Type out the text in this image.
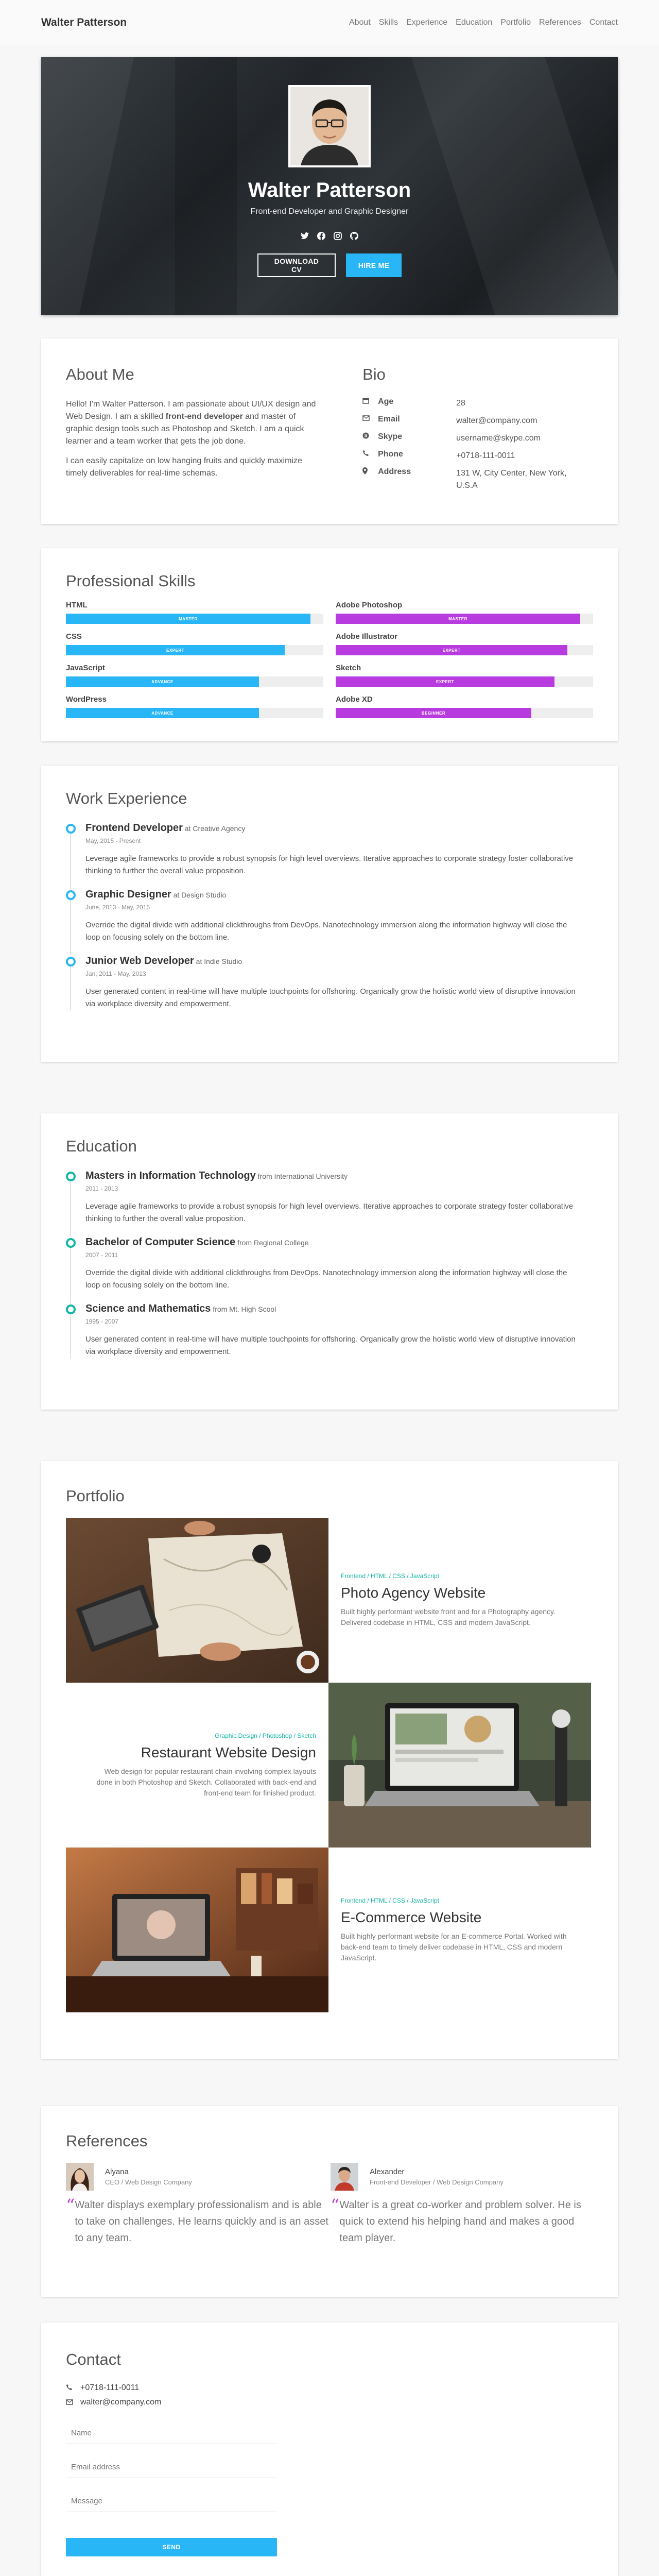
Walter Patterson	About Skills Experience Education Portfolio References Contact
Walter Patterson
Front-end Developer and Graphic Designer
DOWNLOAD CV	HIRE ME
About Me

Hello! I'm Walter Patterson. I am passionate about UI/UX design and Web Design. I am a skilled front-end developer and master of graphic design tools such as Photoshop and Sketch. I am a quick learner and a team worker that gets the job done.

I can easily capitalize on low hanging fruits and quickly maximize timely deliverables for real-time schemas.

Bio
Age	28
Email	walter@company.com
S Skype	username@skype.com
Phone	+0718-111-0011
Address	131 W, City Center, New York, U.S.A
Professional Skills
HTML
MASTER
CSS
EXPERT
JavaScript
ADVANCE
WordPress
ADVANCE
Adobe Photoshop
MASTER
Adobe Illustrator
EXPERT
Sketch
EXPERT
Adobe XD
BEGINNER
Work Experience
Frontend Developer at Creative Agency
May, 2015 - Present
Leverage agile frameworks to provide a robust synopsis for high level overviews. Iterative approaches to corporate strategy foster collaborative thinking to further the overall value proposition.
Graphic Designer at Design Studio
June, 2013 - May, 2015
Override the digital divide with additional clickthroughs from DevOps. Nanotechnology immersion along the information highway will close the loop on focusing solely on the bottom line.
Junior Web Developer at Indie Studio
Jan, 2011 - May, 2013
User generated content in real-time will have multiple touchpoints for offshoring. Organically grow the holistic world view of disruptive innovation via workplace diversity and empowerment.
Education
Masters in Information Technology from International University
2011 - 2013
Leverage agile frameworks to provide a robust synopsis for high level overviews. Iterative approaches to corporate strategy foster collaborative thinking to further the overall value proposition.
Bachelor of Computer Science from Regional College
2007 - 2011
Override the digital divide with additional clickthroughs from DevOps. Nanotechnology immersion along the information highway will close the loop on focusing solely on the bottom line.
Science and Mathematics from Mt. High Scool
1995 - 2007
User generated content in real-time will have multiple touchpoints for offshoring. Organically grow the holistic world view of disruptive innovation via workplace diversity and empowerment.
Portfolio
Frontend / HTML / CSS / JavaScript
Photo Agency Website
Built highly performant website front and for a Photography agency. Delivered codebase in HTML, CSS and modern JavaScript.
Graphic Design / Photoshop / Sketch
Restaurant Website Design
Web design for popular restaurant chain involving complex layouts done in both Photoshop and Sketch. Collaborated with back-end and front-end team for finished product.
Frontend / HTML / CSS / JavaScript
E-Commerce Website
Built highly performant website for an E-commerce Portal. Worked with back-end team to timely deliver codebase in HTML, CSS and modern JavaScript.
References
Alyana
CEO / Web Design Company
“ Walter displays exemplary professionalism and is able to take on challenges. He learns quickly and is an asset to any team.
Alexander
Front-end Developer / Web Design Company
“ Walter is a great co-worker and problem solver. He is quick to extend his helping hand and makes a good team player.
Contact
+0718-111-0011
walter@company.com
Name
Email address
Message
SEND
